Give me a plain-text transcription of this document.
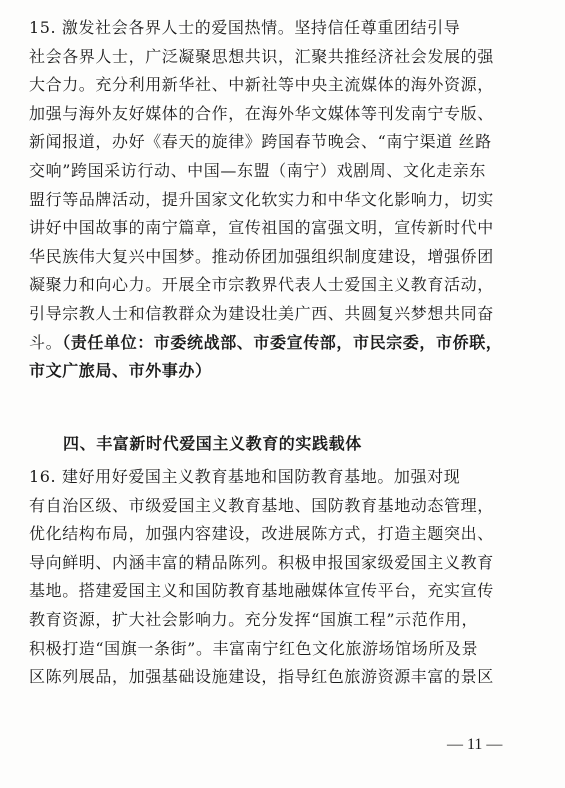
15. 激发社会各界人士的爱国热情。坚持信任尊重团结引导
社会各界人士，广泛凝聚思想共识，汇聚共推经济社会发展的强
大合力。充分利用新华社、中新社等中央主流媒体的海外资源，
加强与海外友好媒体的合作，在海外华文媒体等刊发南宁专版、
新闻报道，办好《春天的旋律》跨国春节晚会、“南宁渠道 丝路
交响”跨国采访行动、中国—东盟（南宁）戏剧周、文化走亲东
盟行等品牌活动，提升国家文化软实力和中华文化影响力，切实
讲好中国故事的南宁篇章，宣传祖国的富强文明，宣传新时代中
华民族伟大复兴中国梦。推动侨团加强组织制度建设，增强侨团
凝聚力和向心力。开展全市宗教界代表人士爱国主义教育活动，
引导宗教人士和信教群众为建设壮美广西、共圆复兴梦想共同奋
斗。（责任单位：市委统战部、市委宣传部，市民宗委，市侨联，
市文广旅局、市外事办）
四、丰富新时代爱国主义教育的实践载体
16. 建好用好爱国主义教育基地和国防教育基地。加强对现
有自治区级、市级爱国主义教育基地、国防教育基地动态管理，
优化结构布局，加强内容建设，改进展陈方式，打造主题突出、
导向鲜明、内涵丰富的精品陈列。积极申报国家级爱国主义教育
基地。搭建爱国主义和国防教育基地融媒体宣传平台，充实宣传
教育资源，扩大社会影响力。充分发挥“国旗工程”示范作用，
积极打造“国旗一条街”。丰富南宁红色文化旅游场馆场所及景
区陈列展品，加强基础设施建设，指导红色旅游资源丰富的景区
— 11 —
